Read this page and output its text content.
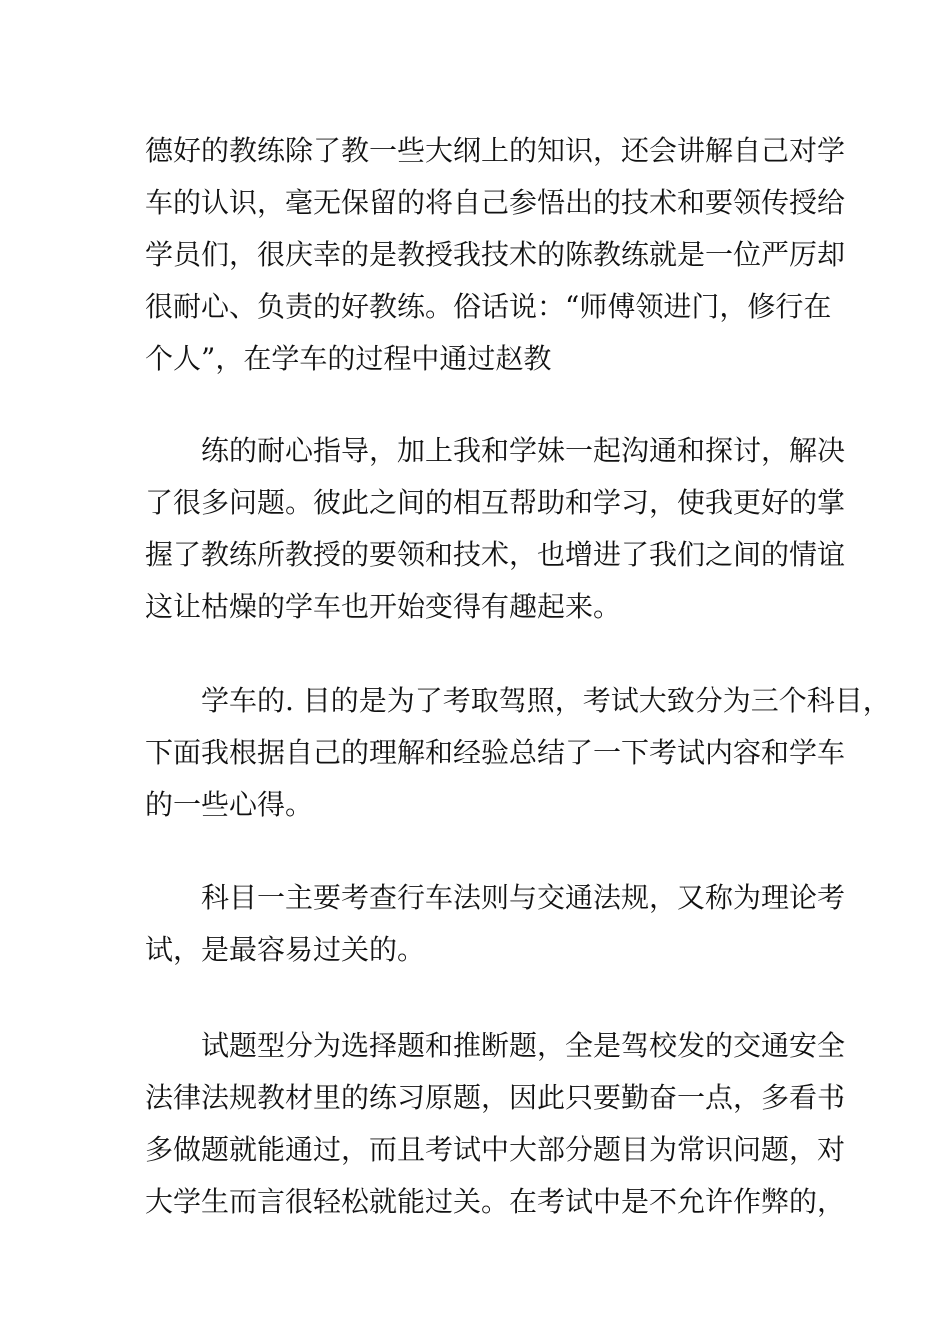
德好的教练除了教一些大纲上的知识，还会讲解自己对学
车的认识，毫无保留的将自己参悟出的技术和要领传授给
学员们，很庆幸的是教授我技术的陈教练就是一位严厉却
很耐心、负责的好教练。俗话说：“师傅领进门，修行在
个人”，在学车的过程中通过赵教
练的耐心指导，加上我和学妹一起沟通和探讨，解决
了很多问题。彼此之间的相互帮助和学习，使我更好的掌
握了教练所教授的要领和技术，也增进了我们之间的情谊
这让枯燥的学车也开始变得有趣起来。
学车的. 目的是为了考取驾照，考试大致分为三个科目，
下面我根据自己的理解和经验总结了一下考试内容和学车
的一些心得。
科目一主要考查行车法则与交通法规，又称为理论考
试，是最容易过关的。
试题型分为选择题和推断题，全是驾校发的交通安全
法律法规教材里的练习原题，因此只要勤奋一点，多看书
多做题就能通过，而且考试中大部分题目为常识问题，对
大学生而言很轻松就能过关。在考试中是不允许作弊的，
